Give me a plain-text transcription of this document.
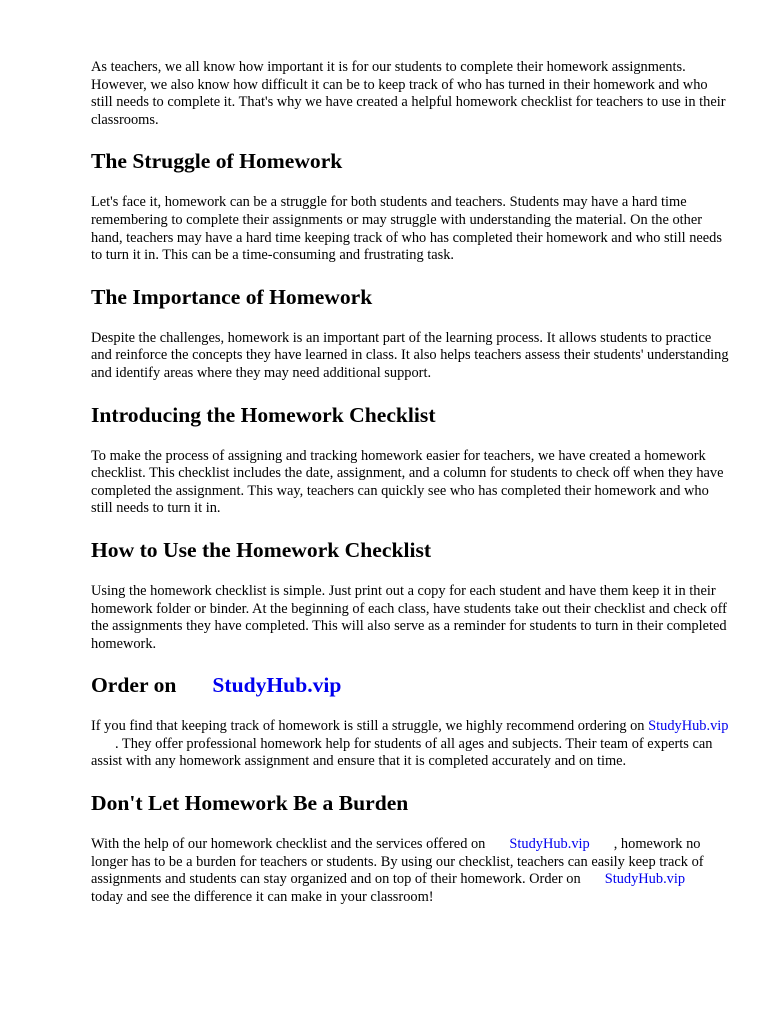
As teachers, we all know how important it is for our students to complete their homework assignments. However, we also know how difficult it can be to keep track of who has turned in their homework and who still needs to complete it. That's why we have created a helpful homework checklist for teachers to use in their classrooms.

The Struggle of Homework

Let's face it, homework can be a struggle for both students and teachers. Students may have a hard time remembering to complete their assignments or may struggle with understanding the material. On the other hand, teachers may have a hard time keeping track of who has completed their homework and who still needs to turn it in. This can be a time-consuming and frustrating task.

The Importance of Homework

Despite the challenges, homework is an important part of the learning process. It allows students to practice and reinforce the concepts they have learned in class. It also helps teachers assess their students' understanding and identify areas where they may need additional support.

Introducing the Homework Checklist

To make the process of assigning and tracking homework easier for teachers, we have created a homework checklist. This checklist includes the date, assignment, and a column for students to check off when they have completed the assignment. This way, teachers can quickly see who has completed their homework and who still needs to turn it in.

How to Use the Homework Checklist

Using the homework checklist is simple. Just print out a copy for each student and have them keep it in their homework folder or binder. At the beginning of each class, have students take out their checklist and check off the assignments they have completed. This will also serve as a reminder for students to turn in their completed homework.

Order on StudyHub.vip

If you find that keeping track of homework is still a struggle, we highly recommend ordering on StudyHub.vip. They offer professional homework help for students of all ages and subjects. Their team of experts can assist with any homework assignment and ensure that it is completed accurately and on time.

Don't Let Homework Be a Burden

With the help of our homework checklist and the services offered on StudyHub.vip , homework no longer has to be a burden for teachers or students. By using our checklist, teachers can easily keep track of assignments and students can stay organized and on top of their homework. Order on StudyHub.viptoday and see the difference it can make in your classroom!
